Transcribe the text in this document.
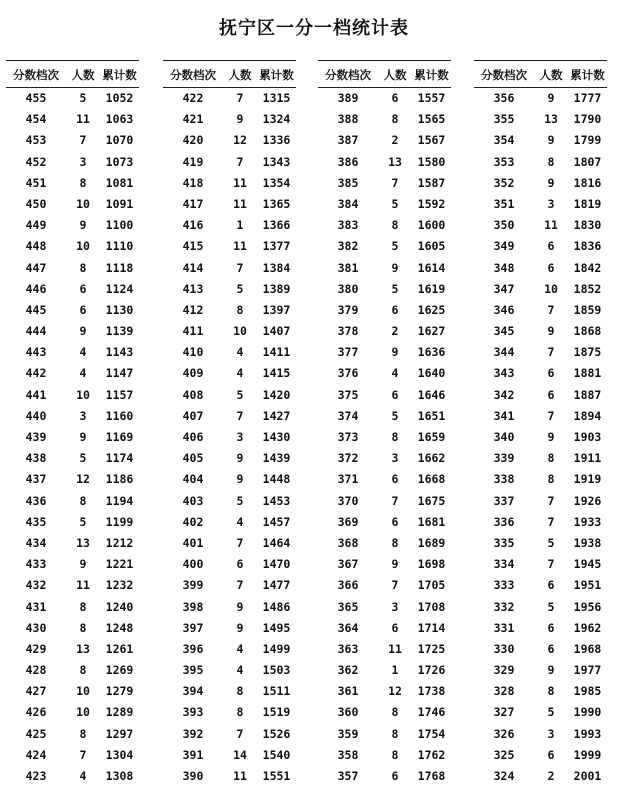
抚宁区一分一档统计表
分数档次	人数 累计数
455	5	1052
454	11	1063
453	7	1070
452	3	1073
451	8	1081
450	10	1091
449	9	1100
448	10	1110
447	8	1118
446	6	1124
445	6	1130
444	9	1139
443	4	1143
442	4	1147
441	10	1157
440	3	1160
439	9	1169
438	5	1174
437	12	1186
436	8	1194
435	5	1199
434	13	1212
433	9	1221
432	11	1232
431	8	1240
430	8	1248
429	13	1261
428	8	1269
427	10	1279
426	10	1289
425	8	1297
424	7	1304
423	4	1308
分数档次	人数 累计数
422	7	1315
421	9	1324
420	12	1336
419	7	1343
418	11	1354
417	11	1365
416	1	1366
415	11	1377
414	7	1384
413	5	1389
412	8	1397
411	10	1407
410	4	1411
409	4	1415
408	5	1420
407	7	1427
406	3	1430
405	9	1439
404	9	1448
403	5	1453
402	4	1457
401	7	1464
400	6	1470
399	7	1477
398	9	1486
397	9	1495
396	4	1499
395	4	1503
394	8	1511
393	8	1519
392	7	1526
391	14	1540
390	11	1551
分数档次	人数 累计数
389	6	1557
388	8	1565
387	2	1567
386	13	1580
385	7	1587
384	5	1592
383	8	1600
382	5	1605
381	9	1614
380	5	1619
379	6	1625
378	2	1627
377	9	1636
376	4	1640
375	6	1646
374	5	1651
373	8	1659
372	3	1662
371	6	1668
370	7	1675
369	6	1681
368	8	1689
367	9	1698
366	7	1705
365	3	1708
364	6	1714
363	11	1725
362	1	1726
361	12	1738
360	8	1746
359	8	1754
358	8	1762
357	6	1768
分数档次	人数 累计数
356	9	1777
355	13	1790
354	9	1799
353	8	1807
352	9	1816
351	3	1819
350	11	1830
349	6	1836
348	6	1842
347	10	1852
346	7	1859
345	9	1868
344	7	1875
343	6	1881
342	6	1887
341	7	1894
340	9	1903
339	8	1911
338	8	1919
337	7	1926
336	7	1933
335	5	1938
334	7	1945
333	6	1951
332	5	1956
331	6	1962
330	6	1968
329	9	1977
328	8	1985
327	5	1990
326	3	1993
325	6	1999
324	2	2001
